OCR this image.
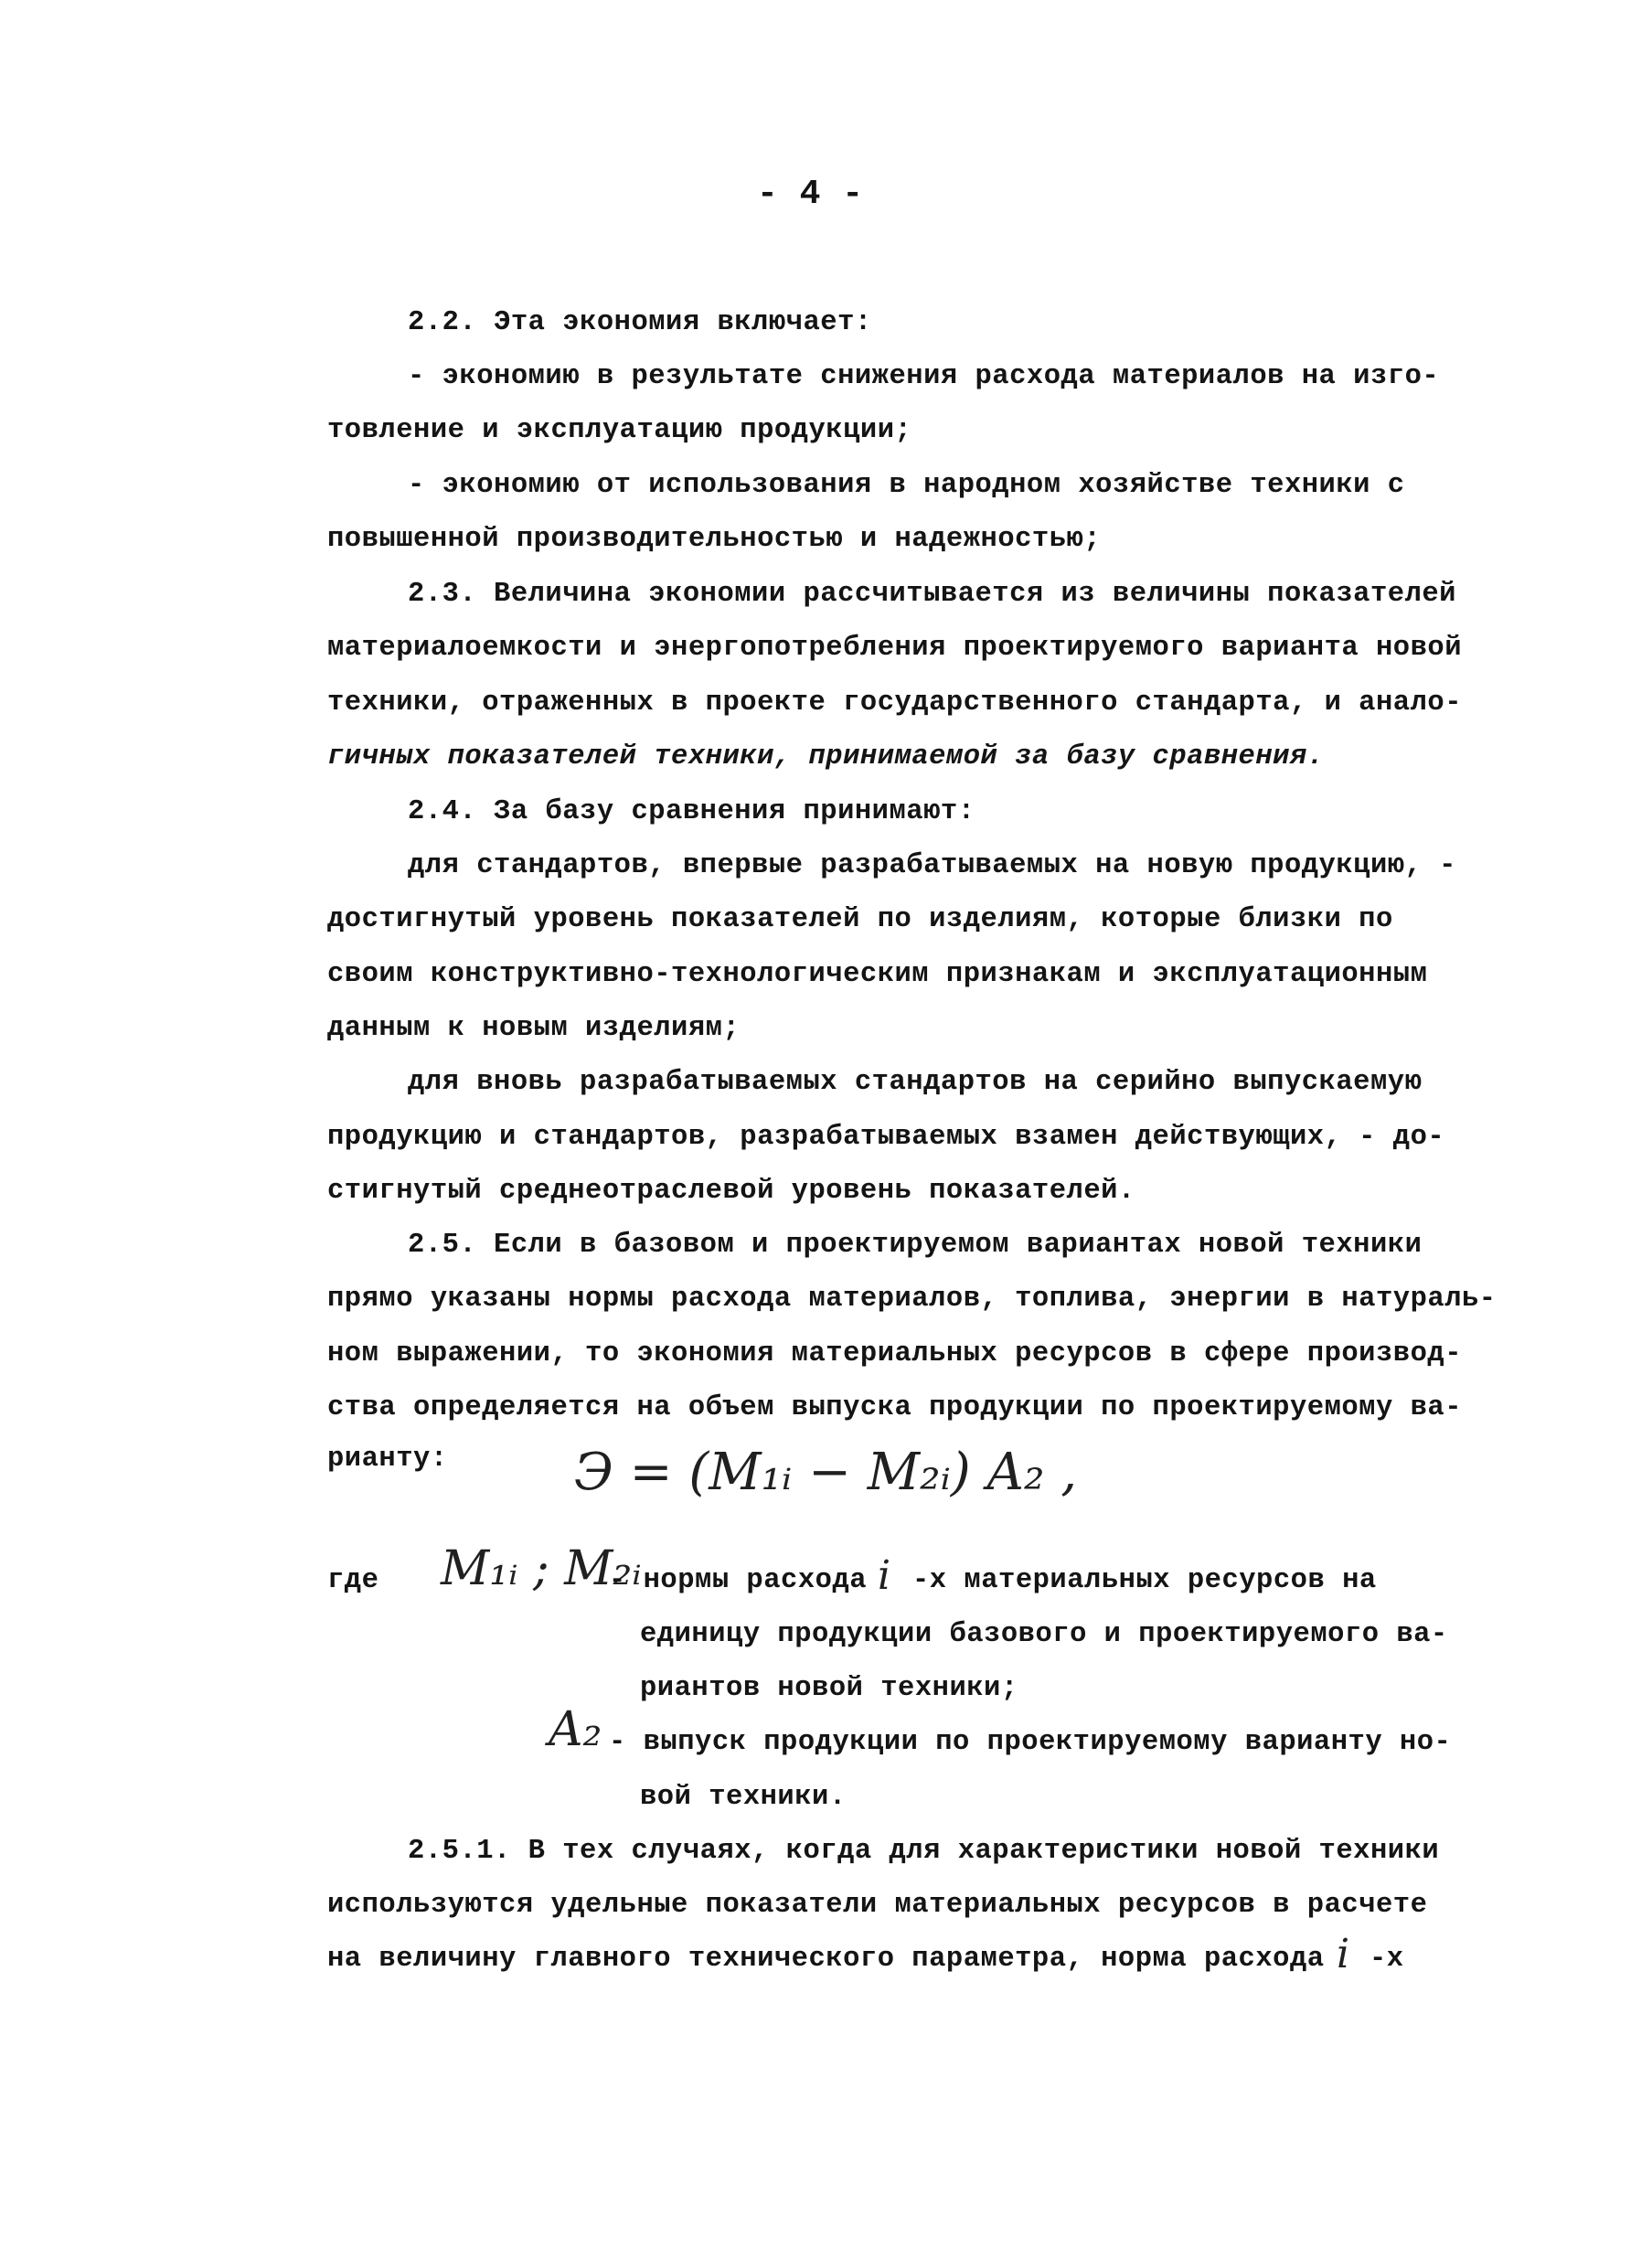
- 4 -
2.2. Эта экономия включает:
- экономию в результате снижения расхода материалов на изго-
товление и эксплуатацию продукции;
- экономию от использования в народном хозяйстве техники с
повышенной производительностью и надежностью;
2.3. Величина экономии рассчитывается из величины показателей
материалоемкости и энергопотребления проектируемого варианта новой
техники, отраженных в проекте государственного стандарта, и анало-
гичных показателей техники, принимаемой за базу сравнения.
2.4. За базу сравнения принимают:
для стандартов, впервые разрабатываемых на новую продукцию, -
достигнутый уровень показателей по изделиям, которые близки по
своим конструктивно-технологическим признакам и эксплуатационным
данным к новым изделиям;
для вновь разрабатываемых стандартов на серийно выпускаемую
продукцию и стандартов, разрабатываемых взамен действующих, - до-
стигнутый среднеотраслевой уровень показателей.
2.5. Если в базовом и проектируемом вариантах новой техники
прямо указаны нормы расхода материалов, топлива, энергии в натураль-
ном выражении, то экономия материальных ресурсов в сфере производ-
ства определяется на объем выпуска продукции по проектируемому ва-
рианту: Э = (M₁ᵢ − M₂ᵢ) A₂ ,
где M₁ᵢ ; M₂ᵢ
- нормы расхода i -х материальных ресурсов на
единицу продукции базового и проектируемого ва-
риантов новой техники;
A₂ - выпуск продукции по проектируемому варианту но-
вой техники.
2.5.1. В тех случаях, когда для характеристики новой техники
используются удельные показатели материальных ресурсов в расчете
на величину главного технического параметра, норма расхода i -х
